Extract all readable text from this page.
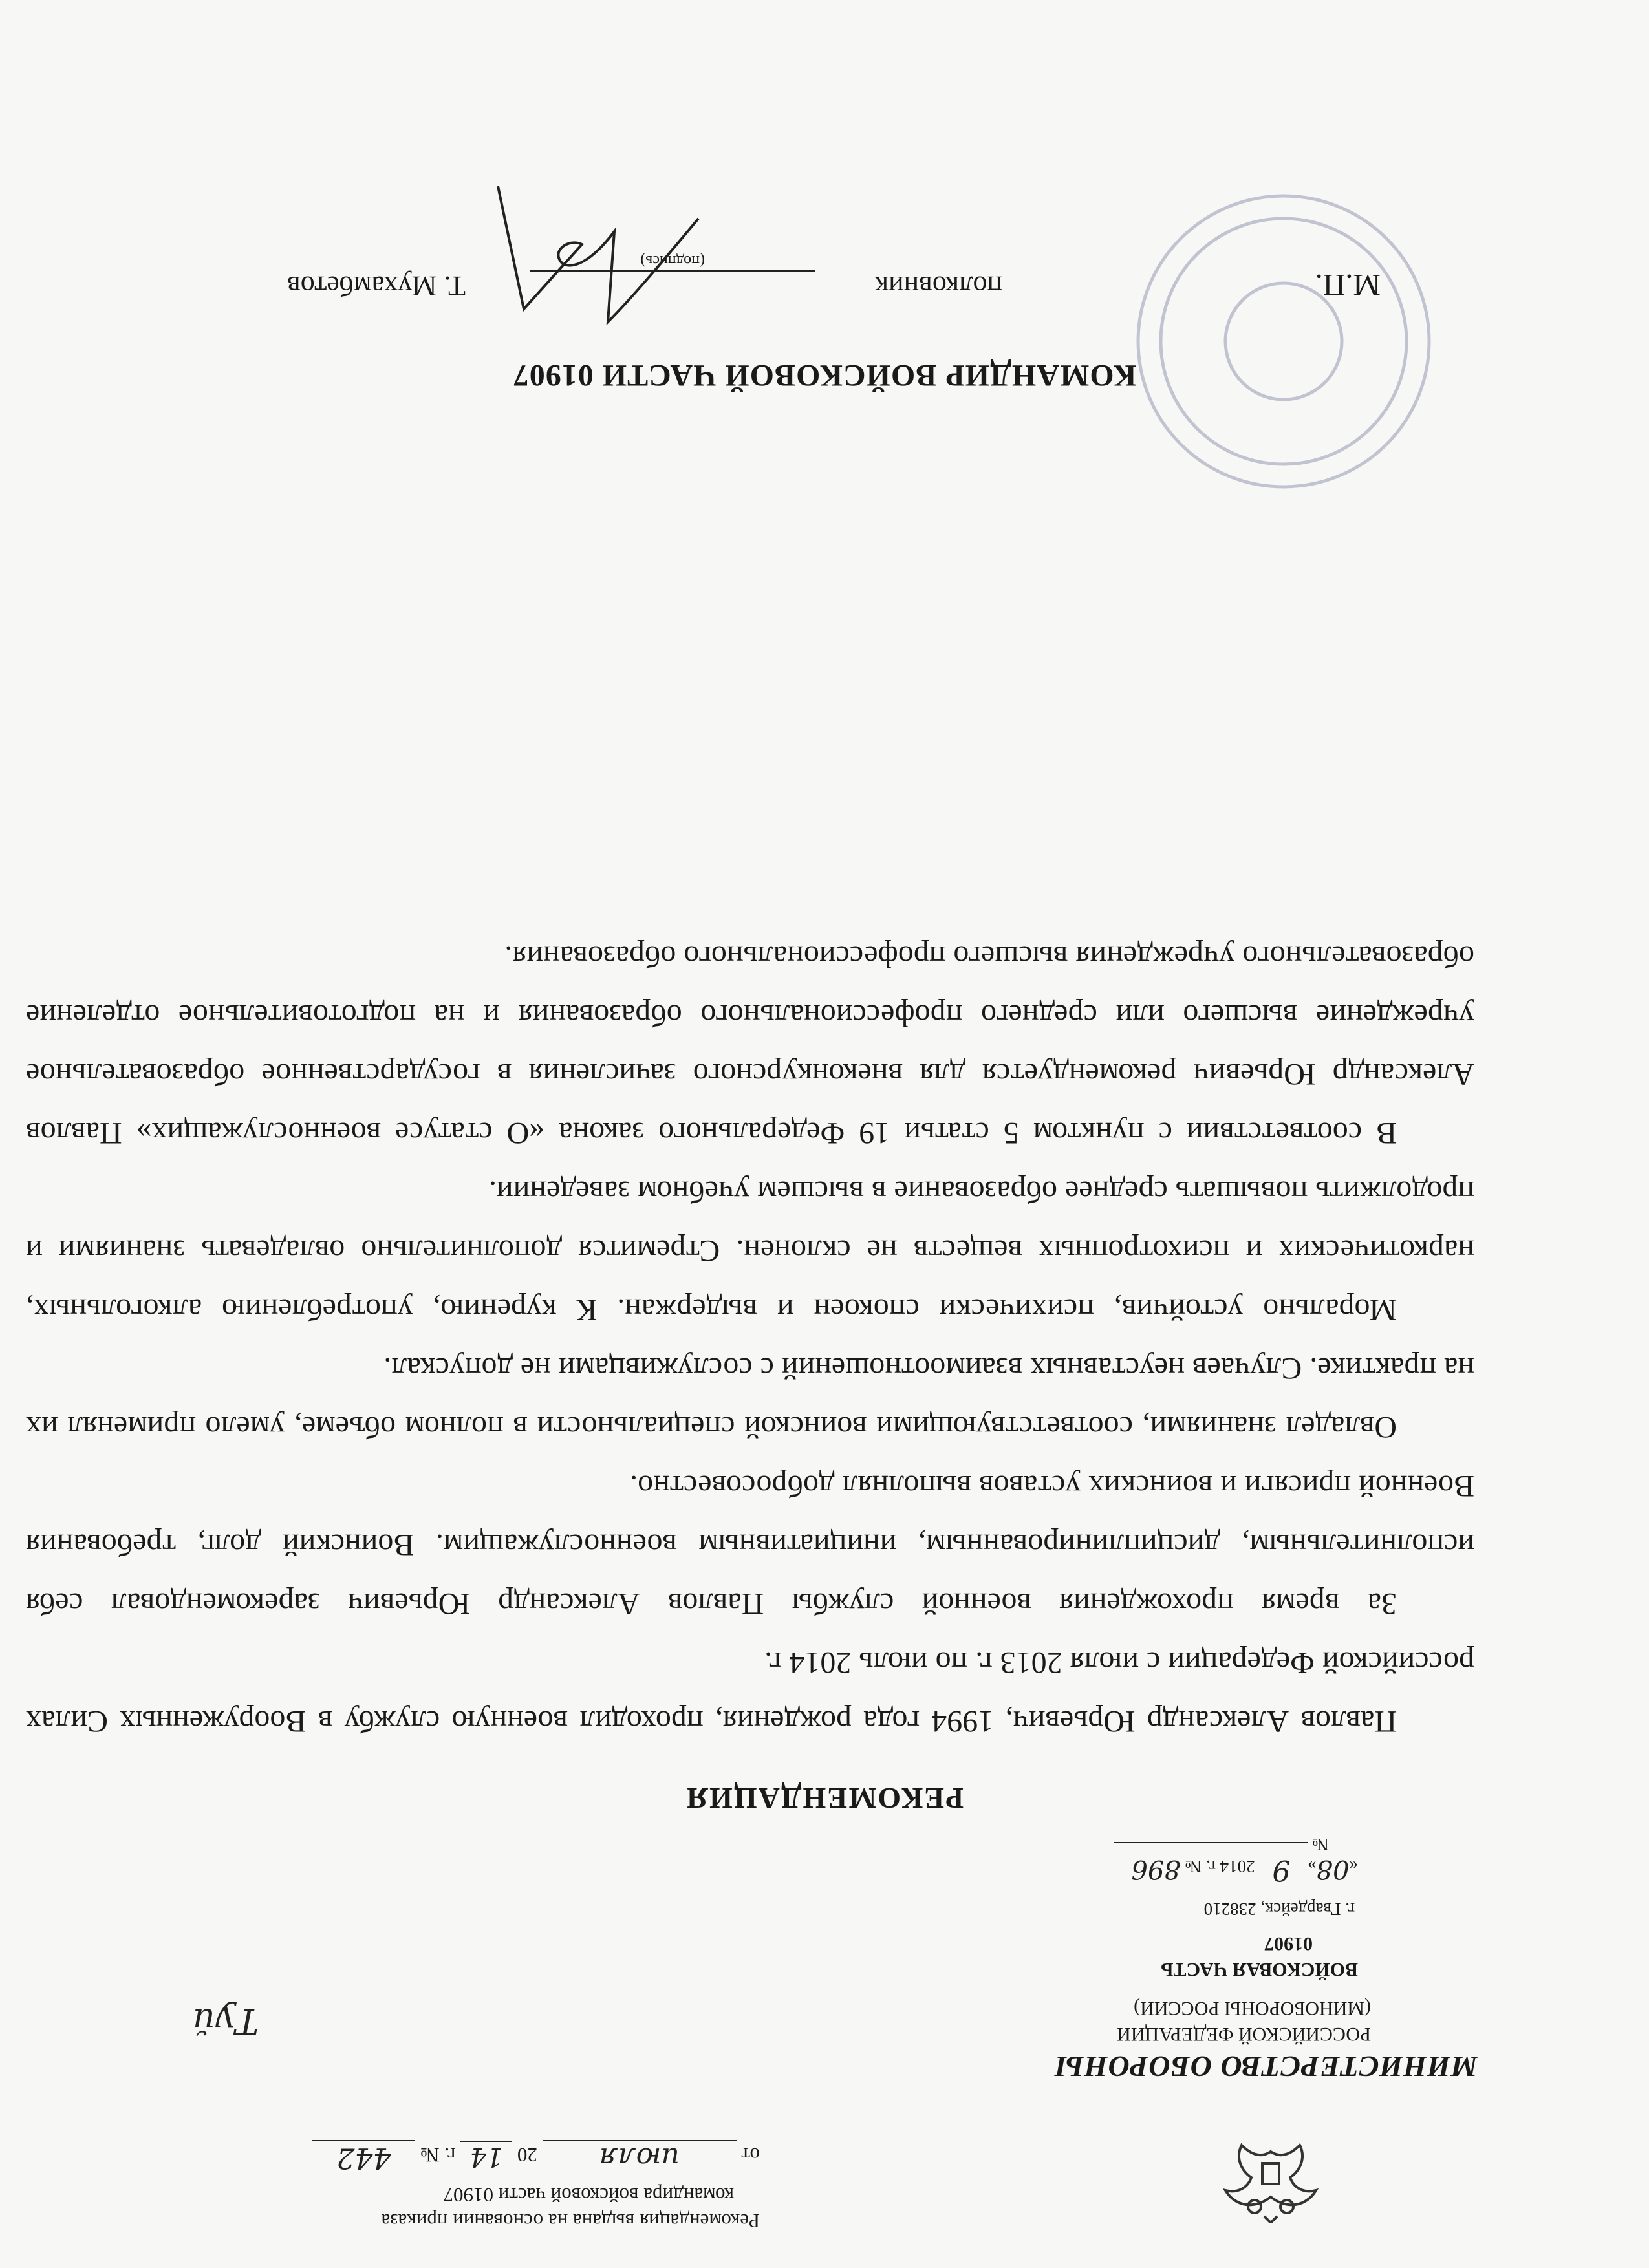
МИНИСТЕРСТВО ОБОРОНЫ
РОССИЙСКОЙ ФЕДЕРАЦИИ
(МИНОБОРОНЫ РОССИИ)
ВОЙСКОВАЯ ЧАСТЬ
01907
г. Гвардейск, 238210
«08» 9 2014 г. № 896
№
Туй
Рекомендация выдана на основании приказа
командира войсковой части 01907
от июля 20 14 г. № 442
РЕКОМЕНДАЦИЯ

Павлов Александр Юрьевич, 1994 года рождения, проходил военную службу в Вооруженных Силах российской Федерации с июля 2013 г. по июль 2014 г.

За время прохождения военной службы Павлов Александр Юрьевич зарекомендовал себя исполнительным, дисциплинированным, инициативным военнослужащим. Воинский долг, требования Военной присяги и воинских уставов выполнял добросовестно.

Овладел знаниями, соответствующими воинской специальности в полном объеме, умело применял их на практике. Случаев неуставных взаимоотношений с сослуживцами не допускал.

Морально устойчив, психически спокоен и выдержан. К курению, употреблению алкогольных, наркотических и психотропных веществ не склонен. Стремится дополнительно овладевать знаниями и продолжить повышать среднее образование в высшем учебном заведении.

В соответствии с пунктом 5 статьи 19 Федерального закона «О статусе военнослужащих» Павлов Александр Юрьевич рекомендуется для внеконкурсного зачисления в государственное образовательное учреждение высшего или среднего профессионального образования и на подготовительное отделение образовательного учреждения высшего профессионального образования.

КОМАНДИР ВОЙСКОВОЙ ЧАСТИ 01907
полковник
(подпись)
Т. Мухамбетов	М.П.
